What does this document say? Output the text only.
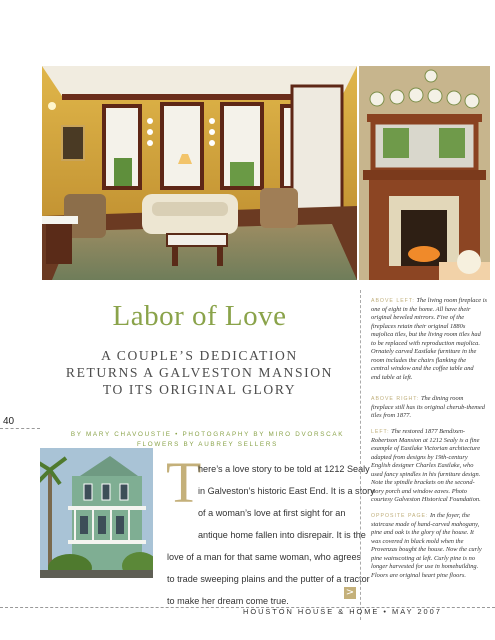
Labor of Love
A COUPLE’S DEDICATION
RETURNS A GALVESTON MANSION
TO ITS ORIGINAL GLORY
40
BY MARY CHAVOUSTIE • PHOTOGRAPHY BY MIRO DVORSCAK
FLOWERS BY AUBREY SELLERS
T
here’s a love story to be told at 1212 Sealy
in Galveston’s historic East End. It is a story
of a woman’s love at first sight for an
antique home fallen into disrepair. It is the
love of a man for that same woman, who agrees
to trade sweeping plains and the putter of a tractor
to make her dream come true.
>
ABOVE LEFT: The living room fireplace is
one of eight in the home. All have their
original beveled mirrors. Five of the
fireplaces retain their original 1880s
majolica tiles, but the living room tiles had
to be replaced with reproduction majolica.
Ornately carved Eastlake furniture in the
room includes the chairs flanking the
central window and the coffee table and
end table at left.
ABOVE RIGHT: The dining room
fireplace still has its original cherub-themed
tiles from 1877.
LEFT: The restored 1877 Bendixen-
Robertson Mansion at 1212 Sealy is a fine
example of Eastlake Victorian architecture
adapted from designs by 19th-century
English designer Charles Eastlake, who
used fancy spindles in his furniture design.
Note the spindle brackets on the second-
story porch and window eaves. Photo
courtesy Galveston Historical Foundation.
OPPOSITE PAGE: In the foyer, the
staircase made of hand-carved mahogany,
pine and oak is the glory of the house. It
was covered in black mold when the
Provenzas bought the house. Now the curly
pine wainscoting at left. Curly pine is no
longer harvested for use in homebuilding.
Floors are original heart pine floors.
HOUSTON HOUSE & HOME • MAY 2007
